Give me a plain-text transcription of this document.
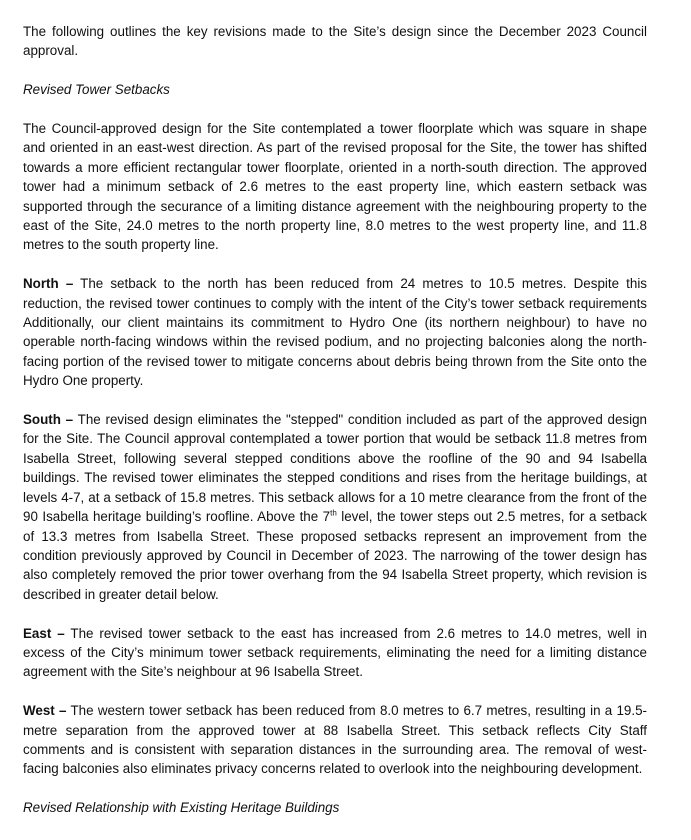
The following outlines the key revisions made to the Site’s design since the December 2023 Council approval.

Revised Tower Setbacks

The Council-approved design for the Site contemplated a tower floorplate which was square in shape and oriented in an east-west direction. As part of the revised proposal for the Site, the tower has shifted towards a more efficient rectangular tower floorplate, oriented in a north-south direction. The approved tower had a minimum setback of 2.6 metres to the east property line, which eastern setback was supported through the securance of a limiting distance agreement with the neighbouring property to the east of the Site, 24.0 metres to the north property line, 8.0 metres to the west property line, and 11.8 metres to the south property line.

North – The setback to the north has been reduced from 24 metres to 10.5 metres. Despite this reduction, the revised tower continues to comply with the intent of the City’s tower setback requirements Additionally, our client maintains its commitment to Hydro One (its northern neighbour) to have no operable north-facing windows within the revised podium, and no projecting balconies along the north-facing portion of the revised tower to mitigate concerns about debris being thrown from the Site onto the Hydro One property.

South – The revised design eliminates the "stepped" condition included as part of the approved design for the Site. The Council approval contemplated a tower portion that would be setback 11.8 metres from Isabella Street, following several stepped conditions above the roofline of the 90 and 94 Isabella buildings. The revised tower eliminates the stepped conditions and rises from the heritage buildings, at levels 4-7, at a setback of 15.8 metres. This setback allows for a 10 metre clearance from the front of the 90 Isabella heritage building’s roofline. Above the 7th level, the tower steps out 2.5 metres, for a setback of 13.3 metres from Isabella Street. These proposed setbacks represent an improvement from the condition previously approved by Council in December of 2023. The narrowing of the tower design has also completely removed the prior tower overhang from the 94 Isabella Street property, which revision is described in greater detail below.

East – The revised tower setback to the east has increased from 2.6 metres to 14.0 metres, well in excess of the City’s minimum tower setback requirements, eliminating the need for a limiting distance agreement with the Site’s neighbour at 96 Isabella Street.

West – The western tower setback has been reduced from 8.0 metres to 6.7 metres, resulting in a 19.5-metre separation from the approved tower at 88 Isabella Street. This setback reflects City Staff comments and is consistent with separation distances in the surrounding area. The removal of west-facing balconies also eliminates privacy concerns related to overlook into the neighbouring development.

Revised Relationship with Existing Heritage Buildings
